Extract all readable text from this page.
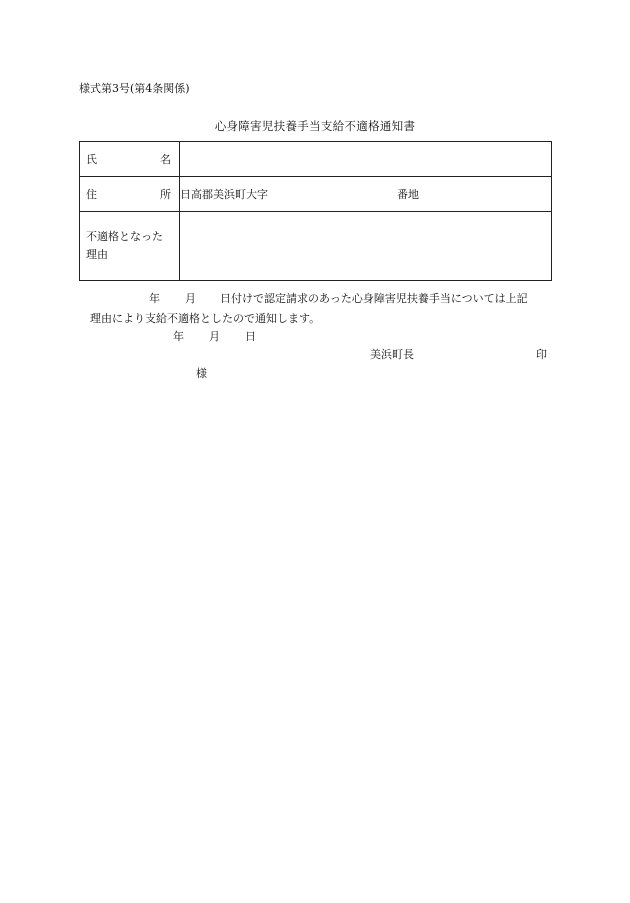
様式第3号(第4条関係)
心身障害児扶養手当支給不適格通知書
氏 名	

住 所	日高郡美浜町大字 番地

不適格となった理由	

年 月 日付けで認定請求のあった心身障害児扶養手当については上記
理由により支給不適格としたので通知します。
年 月 日
美浜町長	印
様
